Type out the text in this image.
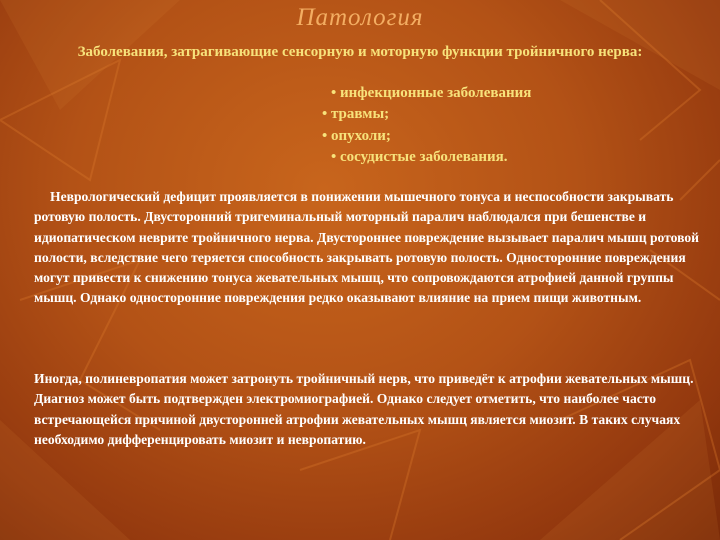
Патология
Заболевания, затрагивающие сенсорную и моторную функции тройничного нерва:
• инфекционные заболевания
• травмы;
• опухоли;
• сосудистые заболевания.
Неврологический дефицит проявляется в понижении мышечного тонуса и неспособности закрывать ротовую полость. Двусторонний тригеминальный моторный паралич наблюдался при бешенстве и идиопатическом неврите тройничного нерва. Двустороннее повреждение вызывает паралич мышц ротовой полости, вследствие чего теряется способность закрывать ротовую полость. Односторонние повреждения могут привести к снижению тонуса жевательных мышц, что сопровождаются атрофией данной группы мышц. Однако односторонние повреждения редко оказывают влияние на прием пищи животным.
Иногда, полиневропатия может затронуть тройничный нерв, что приведёт к атрофии жевательных мышц. Диагноз может быть подтвержден электромиографией. Однако следует отметить, что наиболее часто встречающейся причиной двусторонней атрофии жевательных мышц является миозит. В таких случаях необходимо дифференцировать миозит и невропатию.
